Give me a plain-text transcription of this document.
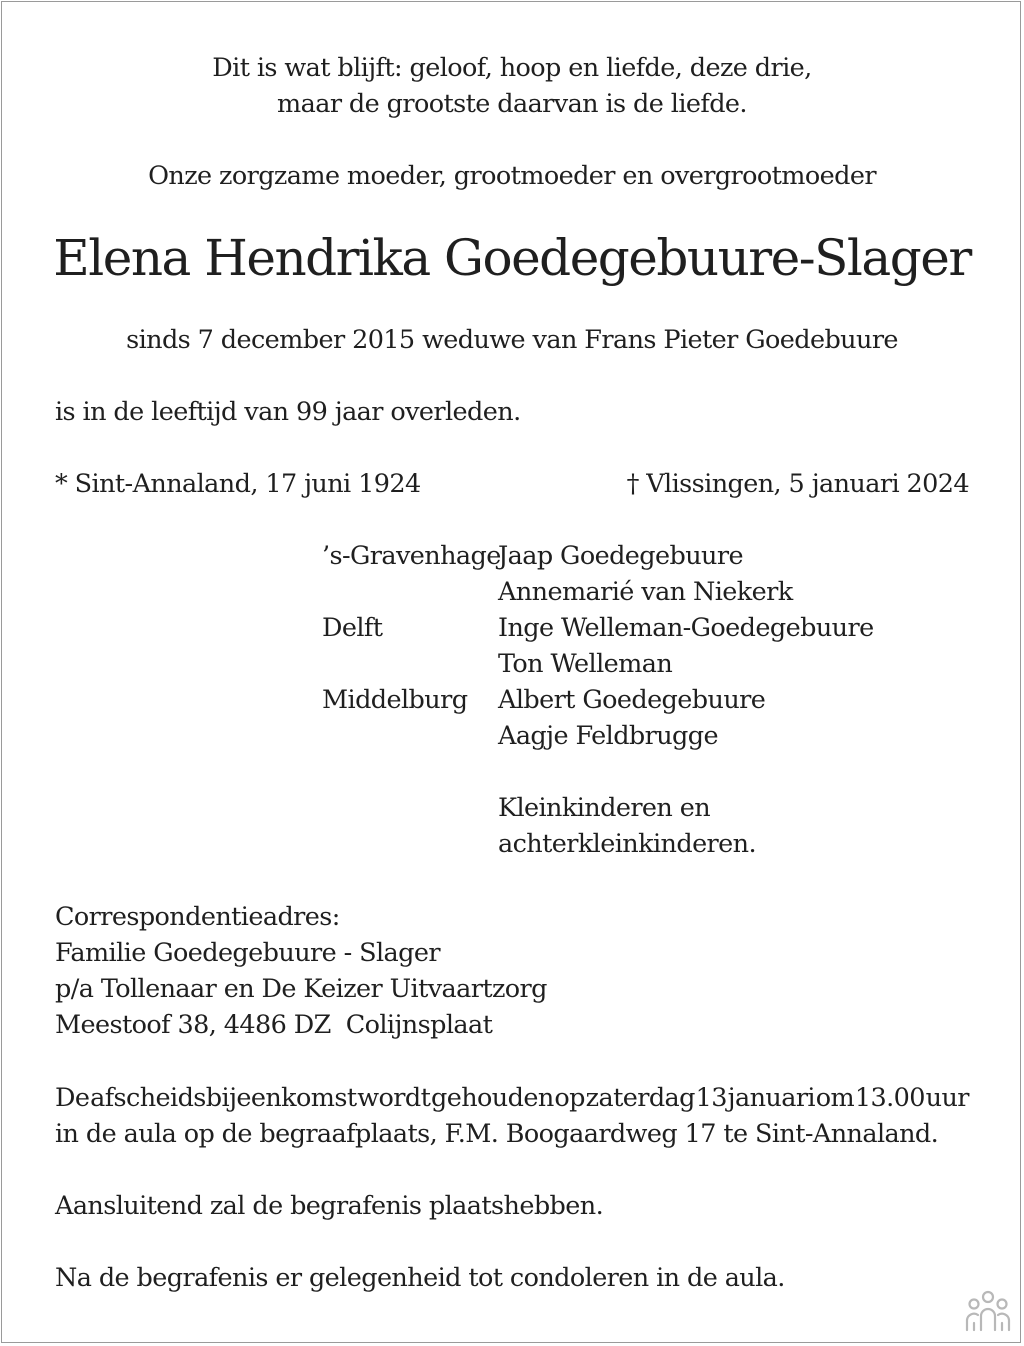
Dit is wat blijft: geloof, hoop en liefde, deze drie,
maar de grootste daarvan is de liefde.
Onze zorgzame moeder, grootmoeder en overgrootmoeder
Elena Hendrika Goedegebuure-Slager
sinds 7 december 2015 weduwe van Frans Pieter Goedebuure
is in de leeftijd van 99 jaar overleden.
* Sint-Annaland, 17 juni 1924	† Vlissingen, 5 januari 2024
’s-Gravenhage
Jaap Goedegebuure
Annemarié van Niekerk
Delft	Inge Welleman-Goedegebuure
Ton Welleman
Middelburg Albert Goedegebuure
Aagje Feldbrugge
Kleinkinderen en
achterkleinkinderen.
Correspondentieadres:
Familie Goedegebuure - Slager
p/a Tollenaar en De Keizer Uitvaartzorg
Meestoof 38, 4486 DZ  Colijnsplaat
De afscheidsbijeenkomst wordt gehouden op zaterdag 13 januari om 13.00 uur
in de aula op de begraafplaats, F.M. Boogaardweg 17 te Sint-Annaland.
Aansluitend zal de begrafenis plaatshebben.
Na de begrafenis er gelegenheid tot condoleren in de aula.
